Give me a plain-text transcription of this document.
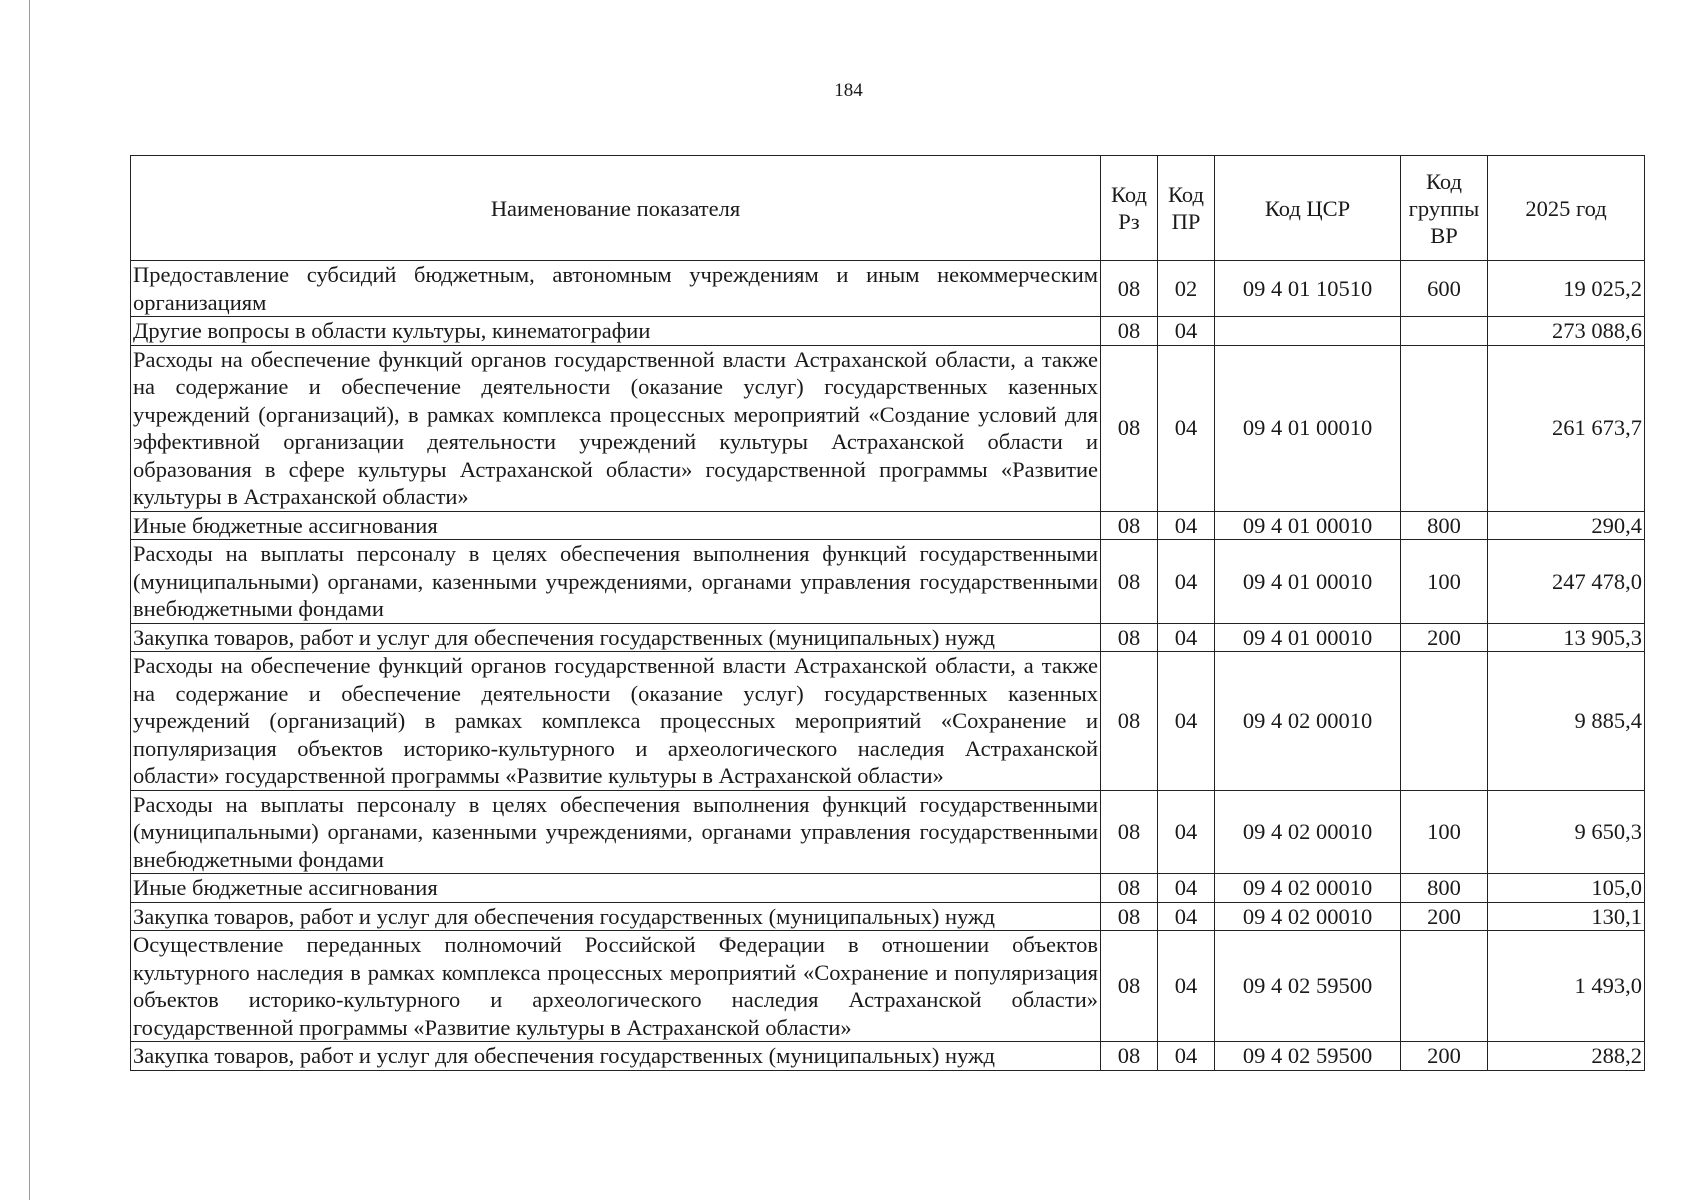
184
Наименование показателя	Код Рз	Код ПР	Код ЦСР	Код группы ВР	2025 год
Предоставление субсидий бюджетным, автономным учреждениям и иным некоммерческим организациям	08	02	09 4 01 10510	600	19 025,2
Другие вопросы в области культуры, кинематографии	08	04			273 088,6
Расходы на обеспечение функций органов государственной власти Астраханской области, а также на содержание и обеспечение деятельности (оказание услуг) государственных казенных учреждений (организаций), в рамках комплекса процессных мероприятий «Создание условий для эффективной организации деятельности учреждений культуры Астраханской области и образования в сфере культуры Астраханской области» государственной программы «Развитие культуры в Астраханской области»	08	04	09 4 01 00010		261 673,7
Иные бюджетные ассигнования	08	04	09 4 01 00010	800	290,4
Расходы на выплаты персоналу в целях обеспечения выполнения функций государственными (муниципальными) органами, казенными учреждениями, органами управления государственными внебюджетными фондами	08	04	09 4 01 00010	100	247 478,0
Закупка товаров, работ и услуг для обеспечения государственных (муниципальных) нужд	08	04	09 4 01 00010	200	13 905,3
Расходы на обеспечение функций органов государственной власти Астраханской области, а также на содержание и обеспечение деятельности (оказание услуг) государственных казенных учреждений (организаций) в рамках комплекса процессных мероприятий «Сохранение и популяризация объектов историко-культурного и археологического наследия Астраханской области» государственной программы «Развитие культуры в Астраханской области»	08	04	09 4 02 00010		9 885,4
Расходы на выплаты персоналу в целях обеспечения выполнения функций государственными (муниципальными) органами, казенными учреждениями, органами управления государственными внебюджетными фондами	08	04	09 4 02 00010	100	9 650,3
Иные бюджетные ассигнования	08	04	09 4 02 00010	800	105,0
Закупка товаров, работ и услуг для обеспечения государственных (муниципальных) нужд	08	04	09 4 02 00010	200	130,1
Осуществление переданных полномочий Российской Федерации в отношении объектов культурного наследия в рамках комплекса процессных мероприятий «Сохранение и популяризация объектов историко-культурного и археологического наследия Астраханской области» государственной программы «Развитие культуры в Астраханской области»	08	04	09 4 02 59500		1 493,0
Закупка товаров, работ и услуг для обеспечения государственных (муниципальных) нужд	08	04	09 4 02 59500	200	288,2
